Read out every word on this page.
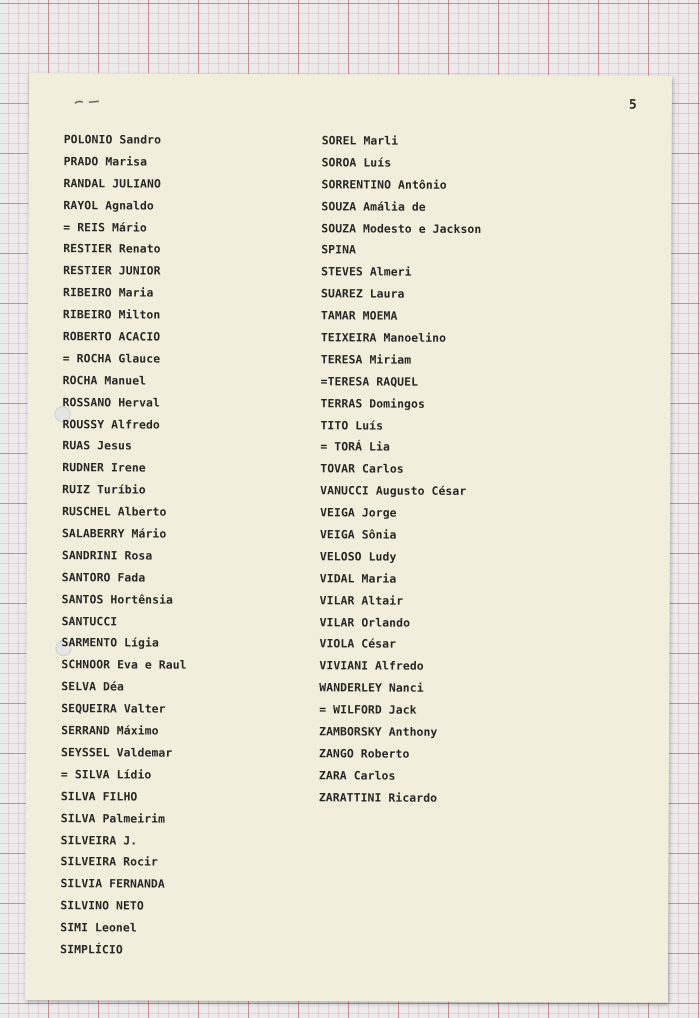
5
POLONIO Sandro
PRADO Marisa
RANDAL JULIANO
RAYOL Agnaldo
= REIS Mário
RESTIER Renato
RESTIER JUNIOR
RIBEIRO Maria
RIBEIRO Milton
ROBERTO ACACIO
= ROCHA Glauce
ROCHA Manuel
ROSSANO Herval
ROUSSY Alfredo
RUAS Jesus
RUDNER Irene
RUIZ Turíbio
RUSCHEL Alberto
SALABERRY Mário
SANDRINI Rosa
SANTORO Fada
SANTOS Hortênsia
SANTUCCI
SARMENTO Lígia
SCHNOOR Eva e Raul
SELVA Déa
SEQUEIRA Valter
SERRAND Máximo
SEYSSEL Valdemar
= SILVA Lídio
SILVA FILHO
SILVA Palmeirim
SILVEIRA J.
SILVEIRA Rocir
SILVIA FERNANDA
SILVINO NETO
SIMI Leonel
SIMPLÍCIO
SOREL Marli
SOROA Luís
SORRENTINO Antônio
SOUZA Amália de
SOUZA Modesto e Jackson
SPINA
STEVES Almeri
SUAREZ Laura
TAMAR MOEMA
TEIXEIRA Manoelino
TERESA Miriam
=TERESA RAQUEL
TERRAS Domingos
TITO Luís
= TORÁ Lia
TOVAR Carlos
VANUCCI Augusto César
VEIGA Jorge
VEIGA Sônia
VELOSO Ludy
VIDAL Maria
VILAR Altair
VILAR Orlando
VIOLA César
VIVIANI Alfredo
WANDERLEY Nanci
= WILFORD Jack
ZAMBORSKY Anthony
ZANGO Roberto
ZARA Carlos
ZARATTINI Ricardo
